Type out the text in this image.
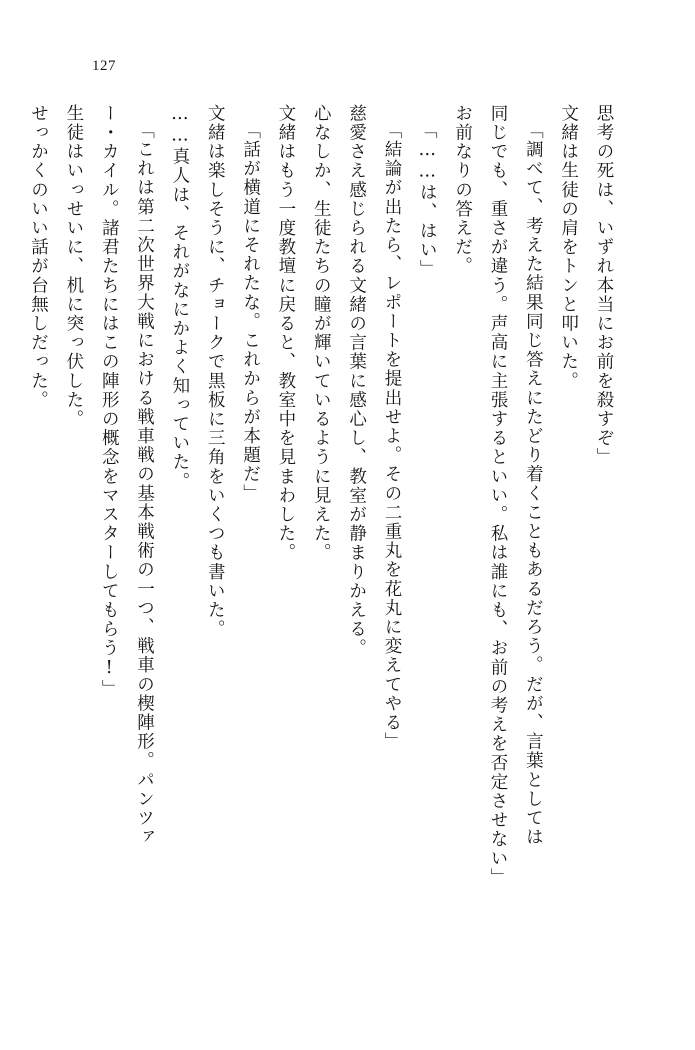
127
思考の死は、いずれ本当にお前を殺すぞ」
文緒は生徒の肩をトンと叩いた。
「調べて、考えた結果同じ答えにたどり着くこともあるだろう。だが、言葉としては
同じでも、重さが違う。声高に主張するといい。私は誰にも、お前の考えを否定させない」
お前なりの答えだ。
「……は、はい」
「結論が出たら、レポートを提出せよ。その二重丸を花丸に変えてやる」
慈愛さえ感じられる文緒の言葉に感心し、教室が静まりかえる。
心なしか、生徒たちの瞳が輝いているように見えた。
文緒はもう一度教壇に戻ると、教室中を見まわした。
「話が横道にそれたな。これからが本題だ」
文緒は楽しそうに、チョークで黒板に三角をいくつも書いた。
……真人は、それがなにかよく知っていた。
「これは第二次世界大戦における戦車戦の基本戦術の一つ、戦車の楔陣形。パンツァ
ー・カイル。諸君たちにはこの陣形の概念をマスターしてもらう!」
生徒はいっせいに、机に突っ伏した。
せっかくのいい話が台無しだった。
